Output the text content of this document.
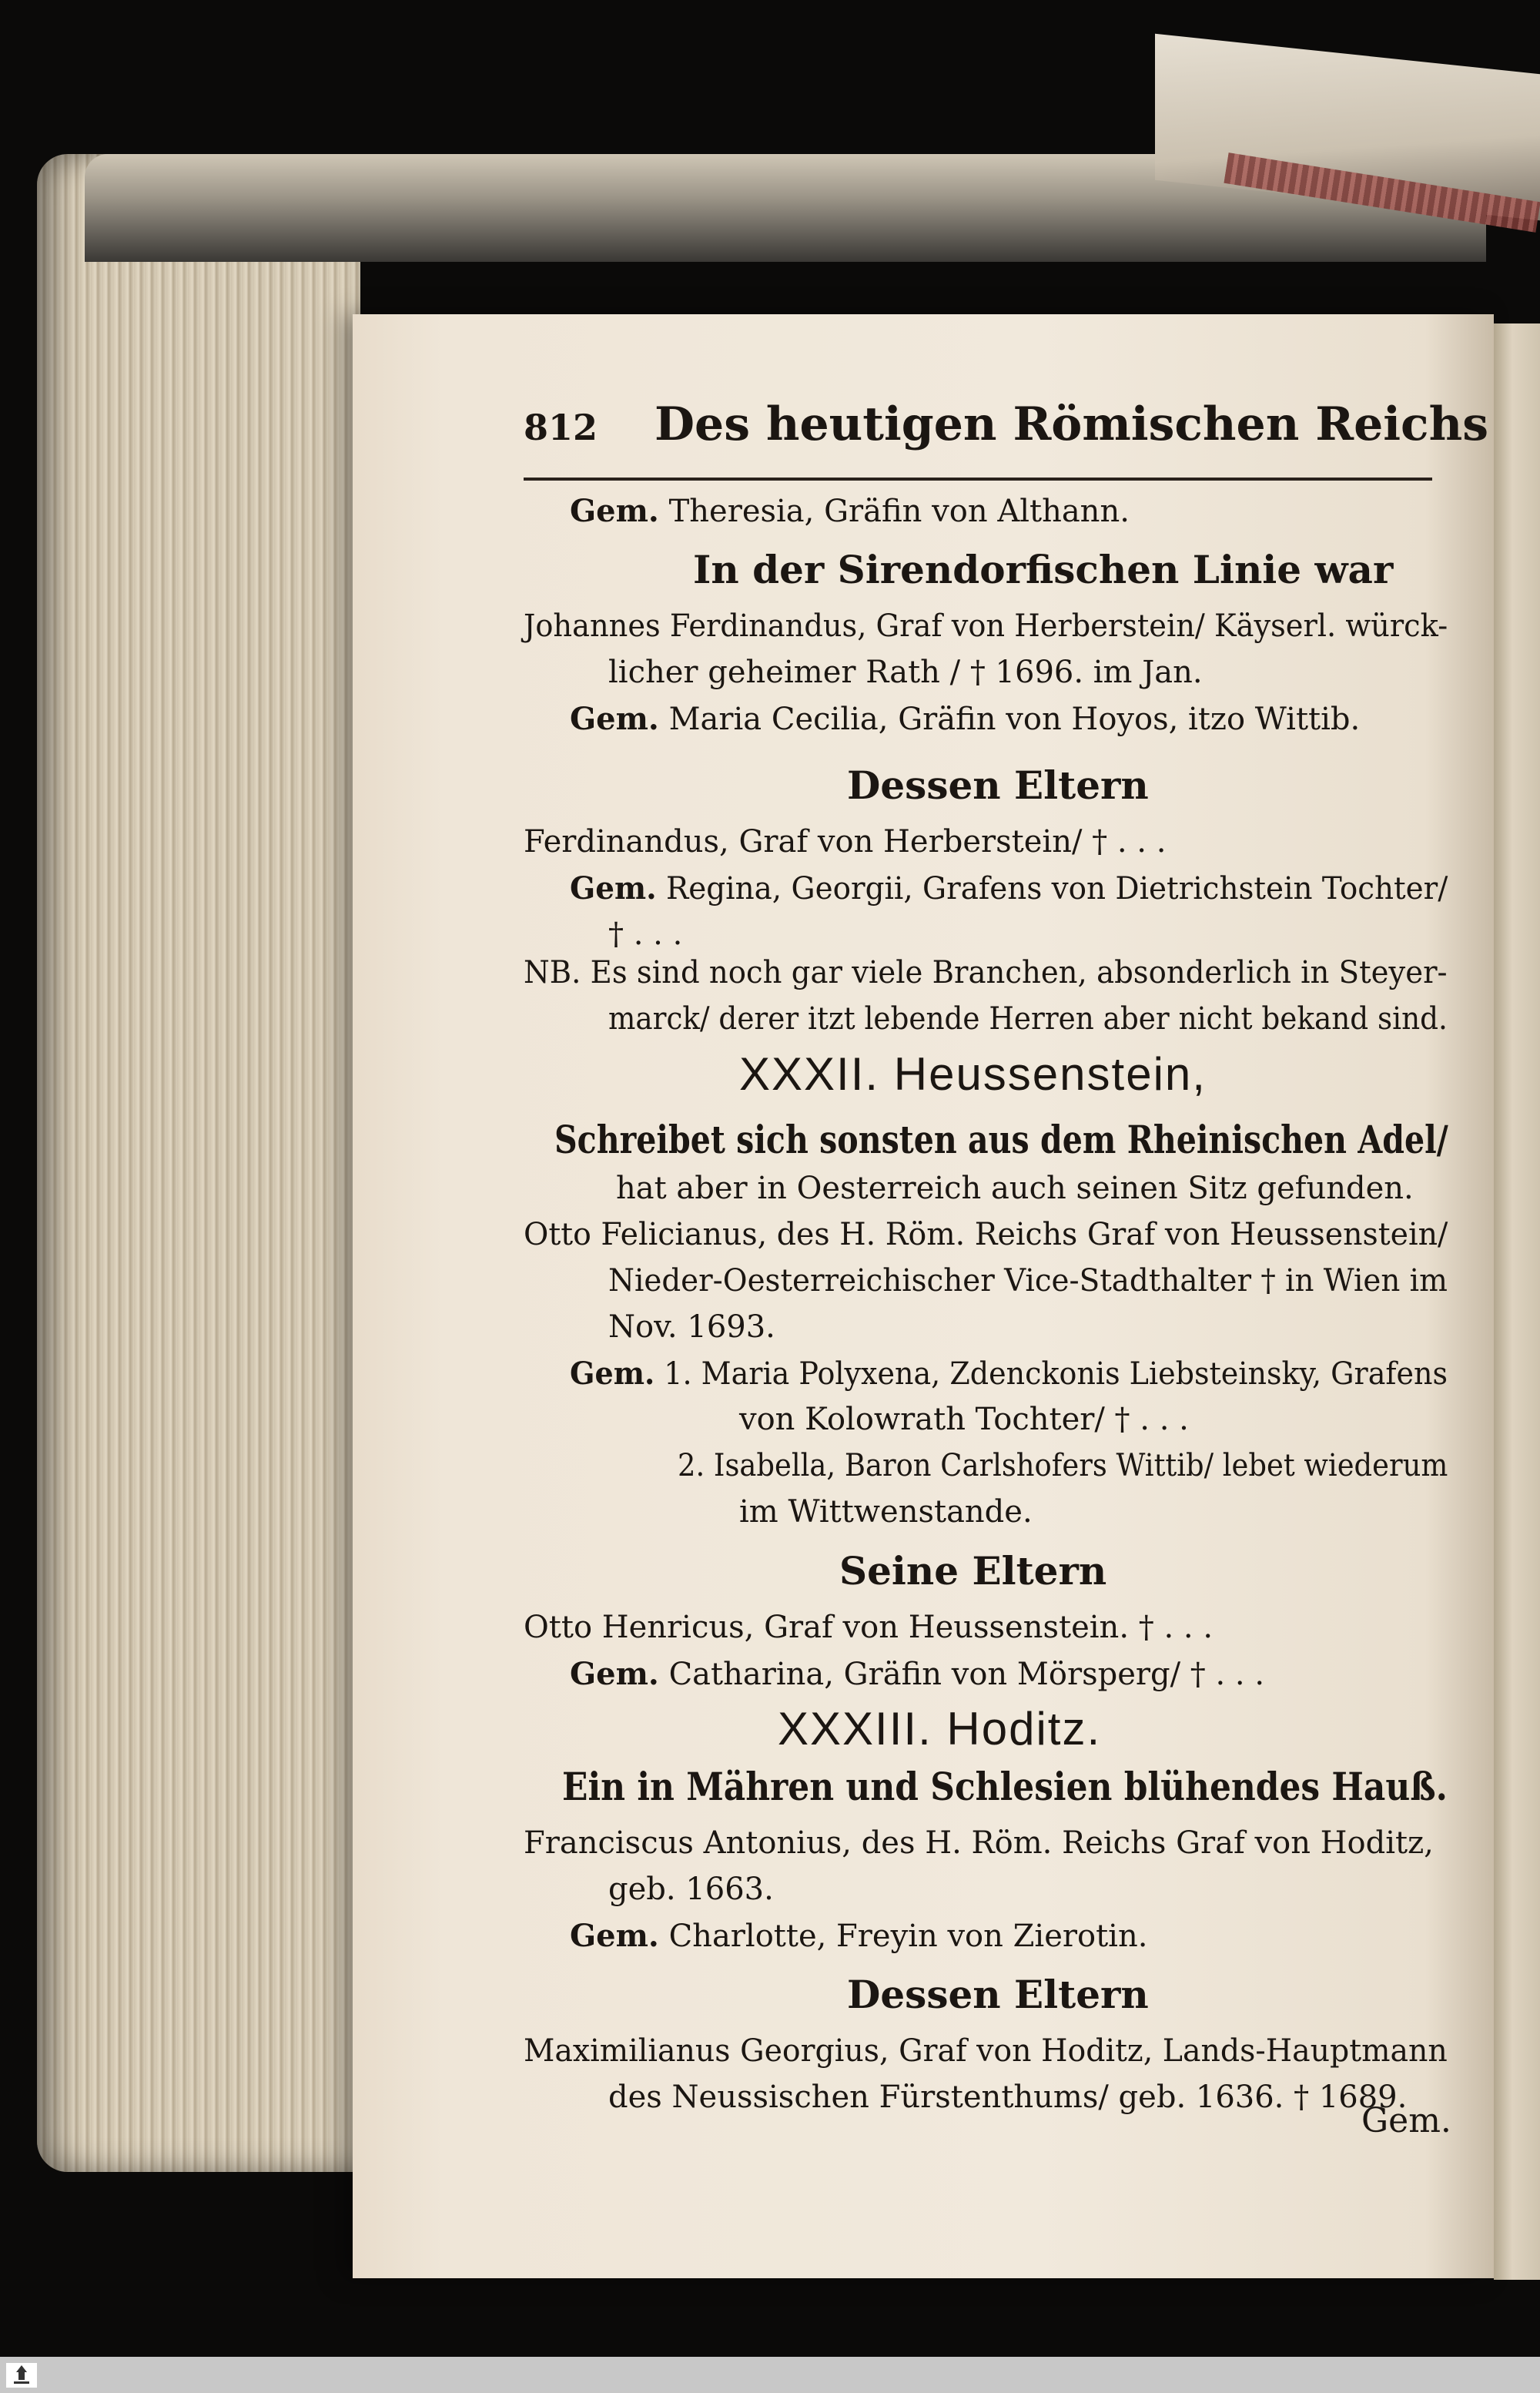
812 Des heutigen Römischen Reichs
Gem. Theresia, Gräfin von Althann.
In der Sirendorfischen Linie war
Johannes Ferdinandus, Graf von Herberstein/ Käyserl. würck-
licher geheimer Rath / † 1696. im Jan.
Gem. Maria Cecilia, Gräfin von Hoyos, itzo Wittib.
Dessen Eltern
Ferdinandus, Graf von Herberstein/ † . . .
Gem. Regina, Georgii, Grafens von Dietrichstein Tochter/
† . . .
NB. Es sind noch gar viele Branchen, absonderlich in Steyer-
marck/ derer itzt lebende Herren aber nicht bekand sind.
XXXII. Heussenstein,
Schreibet sich sonsten aus dem Rheinischen Adel/
hat aber in Oesterreich auch seinen Sitz gefunden.
Otto Felicianus, des H. Röm. Reichs Graf von Heussenstein/
Nieder-Oesterreichischer Vice-Stadthalter † in Wien im
Nov. 1693.
Gem. 1. Maria Polyxena, Zdenckonis Liebsteinsky, Grafens
von Kolowrath Tochter/ † . . .
2. Isabella, Baron Carlshofers Wittib/ lebet wiederum
im Wittwenstande.
Seine Eltern
Otto Henricus, Graf von Heussenstein. † . . .
Gem. Catharina, Gräfin von Mörsperg/ † . . .
XXXIII. Hoditz.
Ein in Mähren und Schlesien blühendes Hauß.
Franciscus Antonius, des H. Röm. Reichs Graf von Hoditz,
geb. 1663.
Gem. Charlotte, Freyin von Zierotin.
Dessen Eltern
Maximilianus Georgius, Graf von Hoditz, Lands-Hauptmann
des Neussischen Fürstenthums/ geb. 1636. † 1689.
Gem.
